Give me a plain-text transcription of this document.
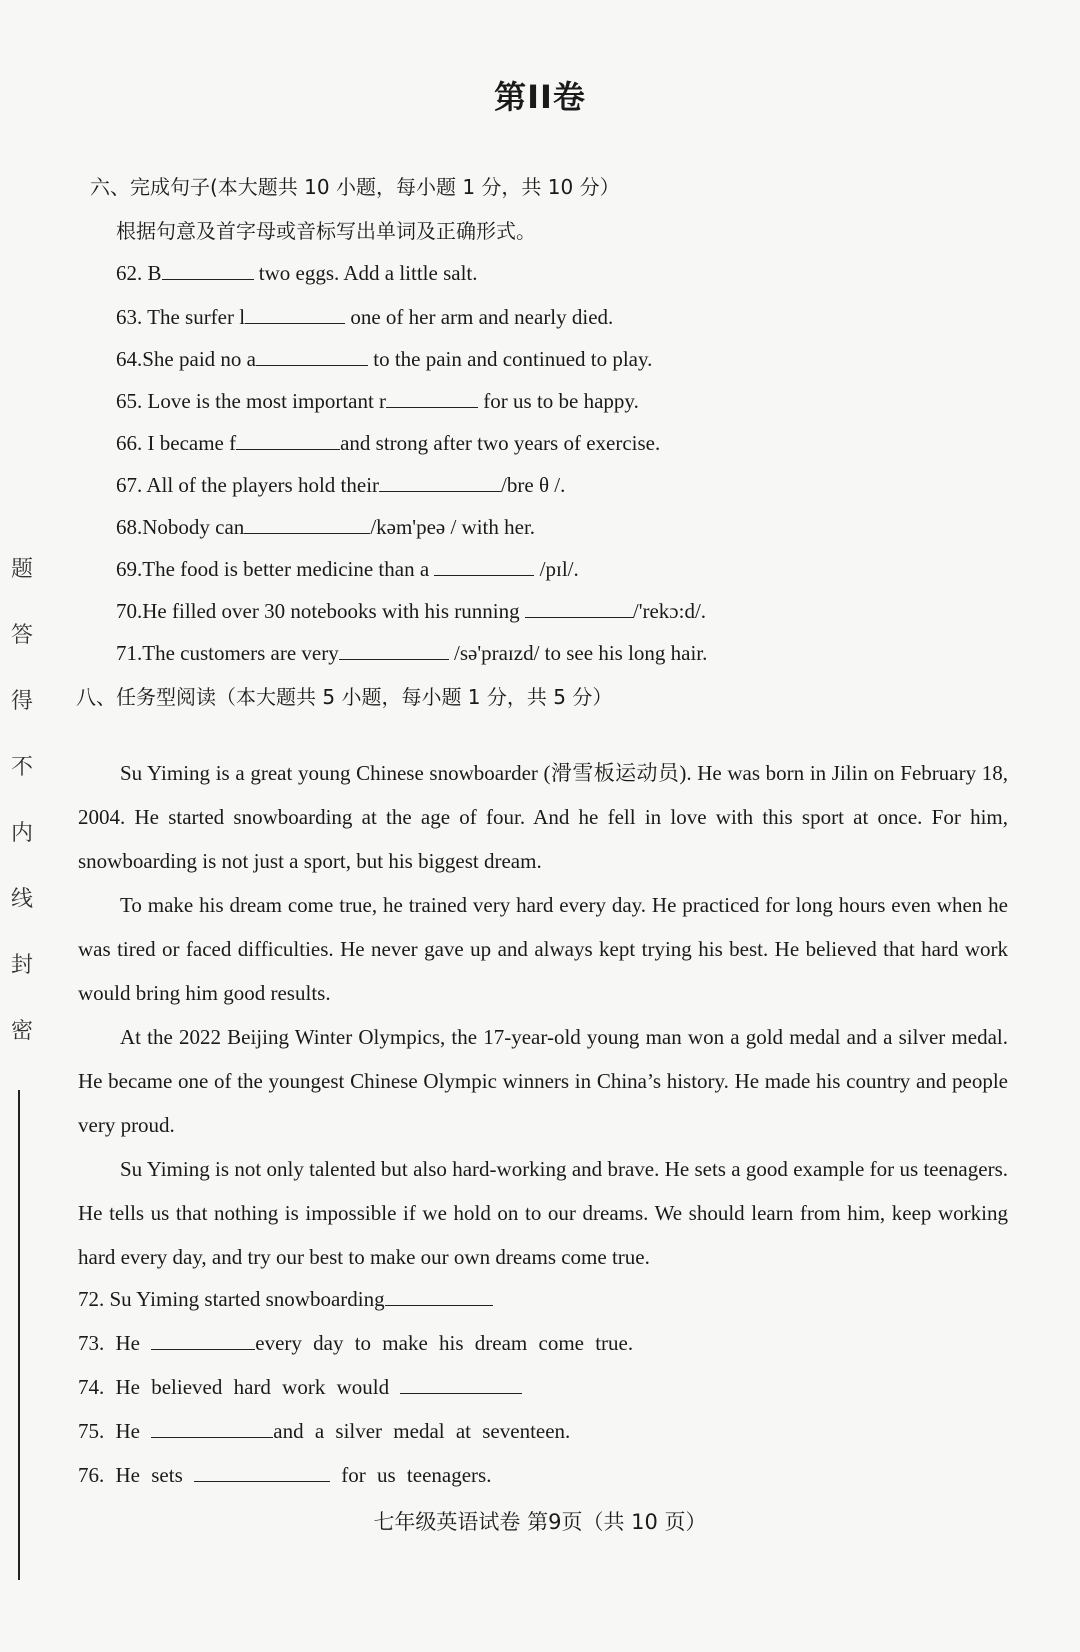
第II卷
六、完成句子(本大题共 10 小题，每小题 1 分，共 10 分）
根据句意及首字母或音标写出单词及正确形式。
62. B	two eggs. Add a little salt.
63. The surfer l	one of her arm and nearly died.
64.She paid no a	to the pain and continued to play.
65. Love is the most important r	for us to be happy.
66. I became f	and strong after two years of exercise.
67. All of the players hold their	/bre θ /.
68.Nobody can	/kəm'peə / with her.
69.The food is better medicine than a	/pɪl/.
70.He filled over 30 notebooks with his running	/'rekɔ:d/.
71.The customers are very	/sə'praɪzd/ to see his long hair.
八、任务型阅读（本大题共 5 小题，每小题 1 分，共 5 分）

Su Yiming is a great young Chinese snowboarder (滑雪板运动员). He was born in Jilin on February 18, 2004. He started snowboarding at the age of four. And he fell in love with this sport at once. For him, snowboarding is not just a sport, but his biggest dream.

To make his dream come true, he trained very hard every day. He practiced for long hours even when he was tired or faced difficulties. He never gave up and always kept trying his best. He believed that hard work would bring him good results.

At the 2022 Beijing Winter Olympics, the 17-year-old young man won a gold medal and a silver medal. He became one of the youngest Chinese Olympic winners in China’s history. He made his country and people very proud.

Su Yiming is not only talented but also hard-working and brave. He sets a good example for us teenagers. He tells us that nothing is impossible if we hold on to our dreams. We should learn from him, keep working hard every day, and try our best to make our own dreams come true.

72. Su Yiming started snowboarding
73. He	every day to make his dream come true.
74. He believed hard work would
75. He	and a silver medal at seventeen.
76. He sets	for us teenagers.
题
答
得
不
内
线
封
密
七年级英语试卷 第9页（共 10 页）
